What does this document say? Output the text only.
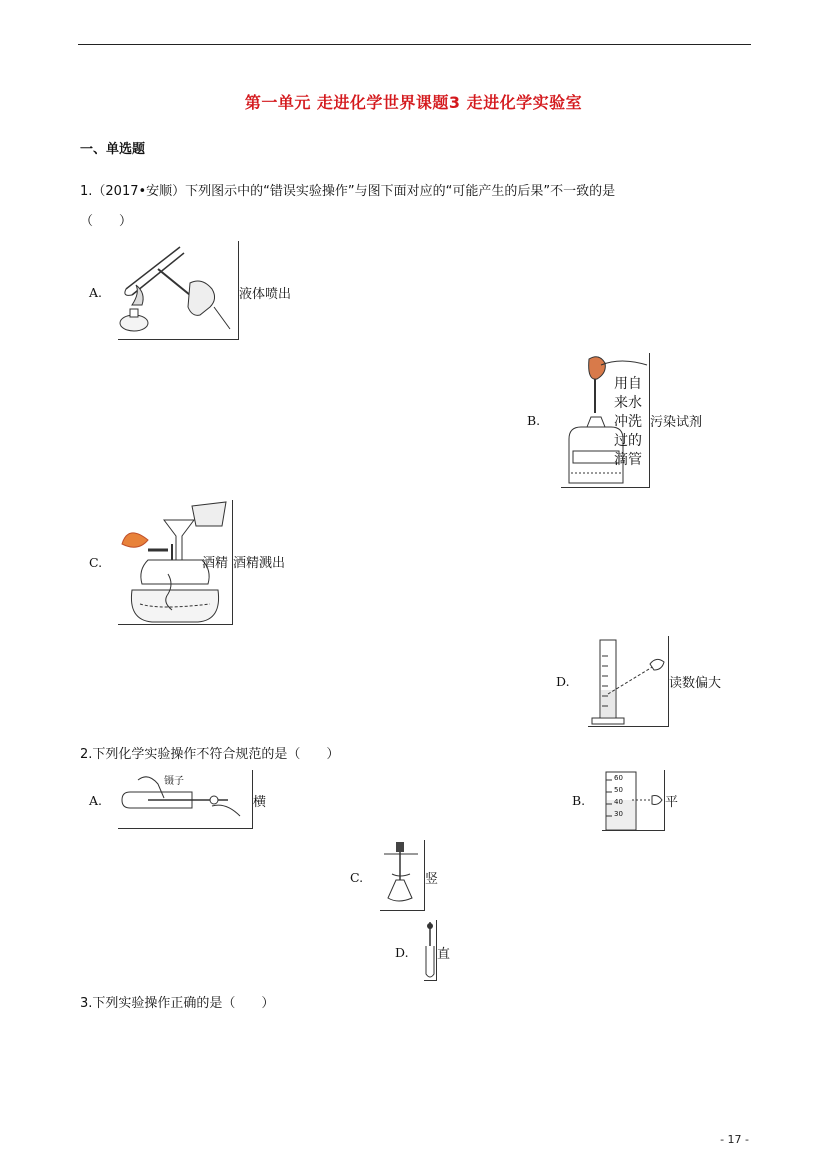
第一单元 走进化学世界课题3 走进化学实验室
一、单选题
1.（2017•安顺）下列图示中的“错误实验操作”与图下面对应的“可能产生的后果”不一致的是
（　　）
A.	液体喷出
B.
用自
来水
冲洗
过的
滴管
污染试剂
C.	酒精 酒精溅出
D.	读数偏大
2.下列化学实验操作不符合规范的是（　　）
A.
镊子
横	B.
60
50
40
30
平
C.	竖
D. 直
3.下列实验操作正确的是（　　）
- 17 -
